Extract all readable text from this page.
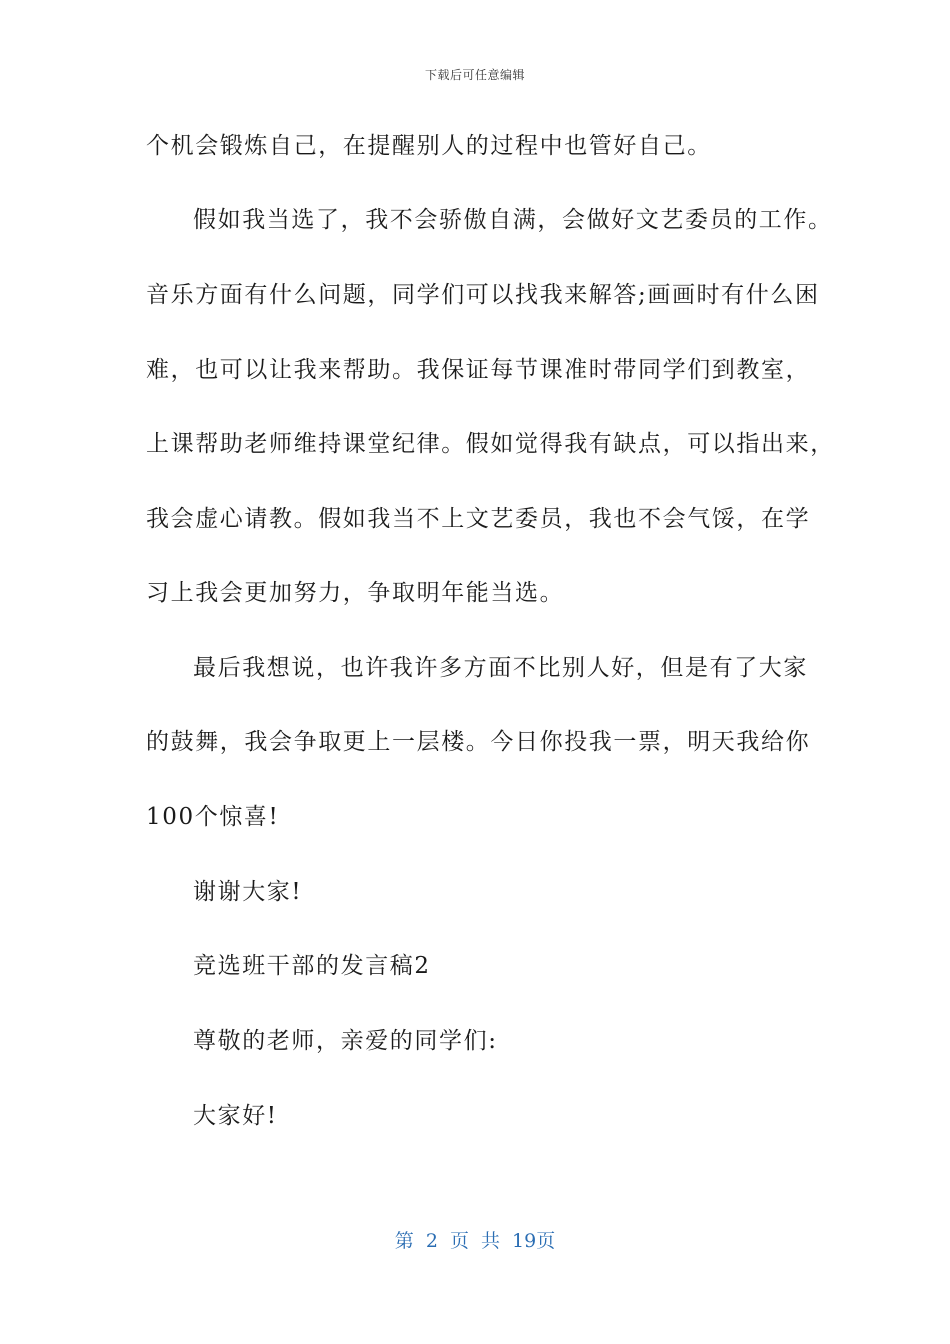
下载后可任意编辑
个机会锻炼自己，在提醒别人的过程中也管好自己。
假如我当选了，我不会骄傲自满，会做好文艺委员的工作。
音乐方面有什么问题，同学们可以找我来解答;画画时有什么困
难，也可以让我来帮助。我保证每节课准时带同学们到教室，
上课帮助老师维持课堂纪律。假如觉得我有缺点，可以指出来，
我会虚心请教。假如我当不上文艺委员，我也不会气馁，在学
习上我会更加努力，争取明年能当选。
最后我想说，也许我许多方面不比别人好，但是有了大家
的鼓舞，我会争取更上一层楼。今日你投我一票，明天我给你
100个惊喜!
谢谢大家!
竞选班干部的发言稿2
尊敬的老师，亲爱的同学们:
大家好!
第 2 页 共 19页
